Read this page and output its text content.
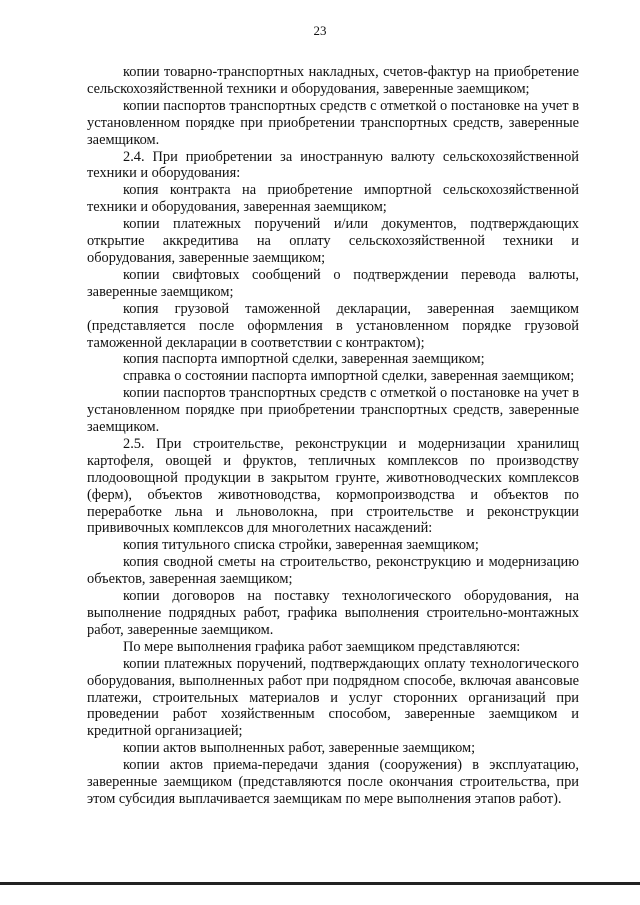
23

копии товарно-транспортных накладных, счетов-фактур на приобретение сельскохозяйственной техники и оборудования, заверенные заемщиком;

копии паспортов транспортных средств с отметкой о постановке на учет в установленном порядке при приобретении транспортных средств, заверенные заемщиком.

2.4. При приобретении за иностранную валюту сельскохозяйственной техники и оборудования:

копия контракта на приобретение импортной сельскохозяйственной техники и оборудования, заверенная заемщиком;

копии платежных поручений и/или документов, подтверждающих открытие аккредитива на оплату сельскохозяйственной техники и оборудования, заверенные заемщиком;

копии свифтовых сообщений о подтверждении перевода валюты, заверенные заемщиком;

копия грузовой таможенной декларации, заверенная заемщиком (представляется после оформления в установленном порядке грузовой таможенной декларации в соответствии с контрактом);

копия паспорта импортной сделки, заверенная заемщиком;

справка о состоянии паспорта импортной сделки, заверенная заемщиком;

копии паспортов транспортных средств с отметкой о постановке на учет в установленном порядке при приобретении транспортных средств, заверенные заемщиком.

2.5. При строительстве, реконструкции и модернизации хранилищ картофеля, овощей и фруктов, тепличных комплексов по производству плодоовощной продукции в закрытом грунте, животноводческих комплексов (ферм), объектов животноводства, кормопроизводства и объектов по переработке льна и льноволокна, при строительстве и реконструкции прививочных комплексов для многолетних насаждений:

копия титульного списка стройки, заверенная заемщиком;

копия сводной сметы на строительство, реконструкцию и модернизацию объектов, заверенная заемщиком;

копии договоров на поставку технологического оборудования, на выполнение подрядных работ, графика выполнения строительно-монтажных работ, заверенные заемщиком.

По мере выполнения графика работ заемщиком представляются:

копии платежных поручений, подтверждающих оплату технологического оборудования, выполненных работ при подрядном способе, включая авансовые платежи, строительных материалов и услуг сторонних организаций при проведении работ хозяйственным способом, заверенные заемщиком и кредитной организацией;

копии актов выполненных работ, заверенные заемщиком;

копии актов приема-передачи здания (сооружения) в эксплуатацию, заверенные заемщиком (представляются после окончания строительства, при этом субсидия выплачивается заемщикам по мере выполнения этапов работ).
